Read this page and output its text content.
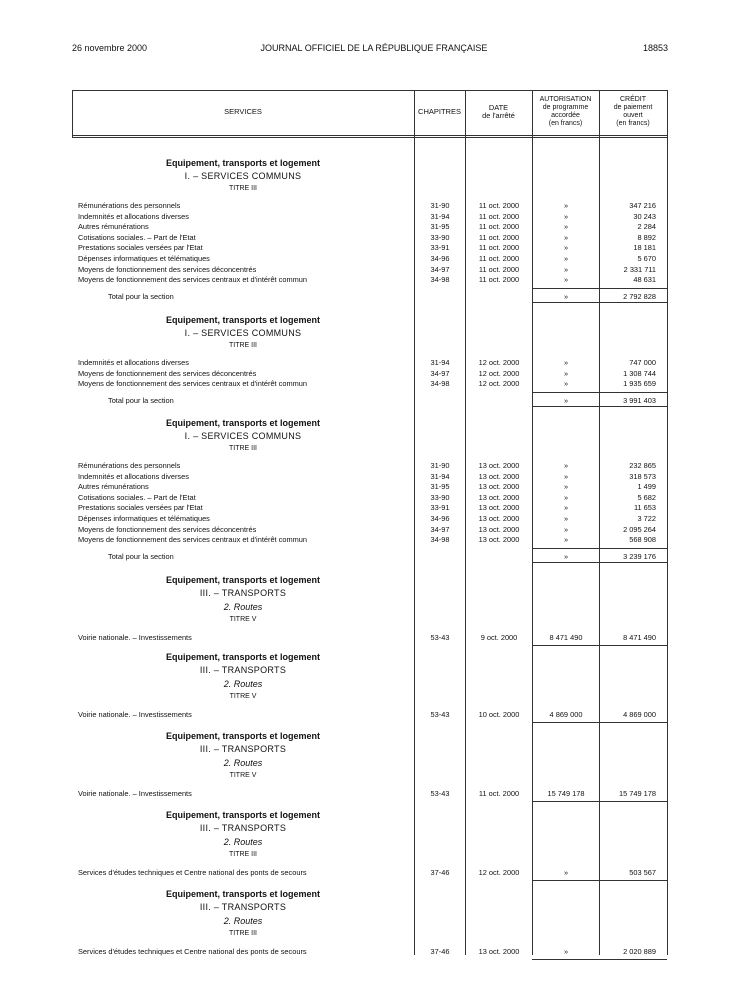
26 novembre 2000	JOURNAL OFFICIEL DE LA RÉPUBLIQUE FRANÇAISE	18853
SERVICES	CHAPITRES	DATE
de l'arrêté
AUTORISATION
de programme
accordée
(en francs)
CRÉDIT
de paiement
ouvert
(en francs)
Equipement, transports et logement
I. – SERVICES COMMUNS
TITRE III
Rémunérations des personnels	31-90	11 oct. 2000	»	347 216
Indemnités et allocations diverses	31-94	11 oct. 2000	»	30 243
Autres rémunérations	31-95	11 oct. 2000	»	2 284
Cotisations sociales. – Part de l'Etat	33-90	11 oct. 2000	»	8 892
Prestations sociales versées par l'Etat	33-91	11 oct. 2000	»	18 181
Dépenses informatiques et télématiques	34-96	11 oct. 2000	»	5 670
Moyens de fonctionnement des services déconcentrés	34-97	11 oct. 2000	»	2 331 711
Moyens de fonctionnement des services centraux et d'intérêt commun	34-98	11 oct. 2000	»	48 631
Total pour la section	»	2 792 828
Equipement, transports et logement
I. – SERVICES COMMUNS
TITRE III
Indemnités et allocations diverses	31-94	12 oct. 2000	»	747 000
Moyens de fonctionnement des services déconcentrés	34-97	12 oct. 2000	»	1 308 744
Moyens de fonctionnement des services centraux et d'intérêt commun	34-98	12 oct. 2000	»	1 935 659
Total pour la section	»	3 991 403
Equipement, transports et logement
I. – SERVICES COMMUNS
TITRE III
Rémunérations des personnels	31-90	13 oct. 2000	»	232 865
Indemnités et allocations diverses	31-94	13 oct. 2000	»	318 573
Autres rémunérations	31-95	13 oct. 2000	»	1 499
Cotisations sociales. – Part de l'Etat	33-90	13 oct. 2000	»	5 682
Prestations sociales versées par l'Etat	33-91	13 oct. 2000	»	11 653
Dépenses informatiques et télématiques	34-96	13 oct. 2000	»	3 722
Moyens de fonctionnement des services déconcentrés	34-97	13 oct. 2000	»	2 095 264
Moyens de fonctionnement des services centraux et d'intérêt commun	34-98	13 oct. 2000	»	568 908
Total pour la section	»	3 239 176
Equipement, transports et logement
III. – TRANSPORTS
2. Routes
TITRE V
Voirie nationale. – Investissements	53-43	9 oct. 2000	8 471 490	8 471 490
Equipement, transports et logement
III. – TRANSPORTS
2. Routes
TITRE V
Voirie nationale. – Investissements	53-43	10 oct. 2000	4 869 000	4 869 000
Equipement, transports et logement
III. – TRANSPORTS
2. Routes
TITRE V
Voirie nationale. – Investissements	53-43	11 oct. 2000	15 749 178	15 749 178
Equipement, transports et logement
III. – TRANSPORTS
2. Routes
TITRE III
Services d'études techniques et Centre national des ponts de secours	37-46	12 oct. 2000	»	503 567
Equipement, transports et logement
III. – TRANSPORTS
2. Routes
TITRE III
Services d'études techniques et Centre national des ponts de secours	37-46	13 oct. 2000	»	2 020 889
